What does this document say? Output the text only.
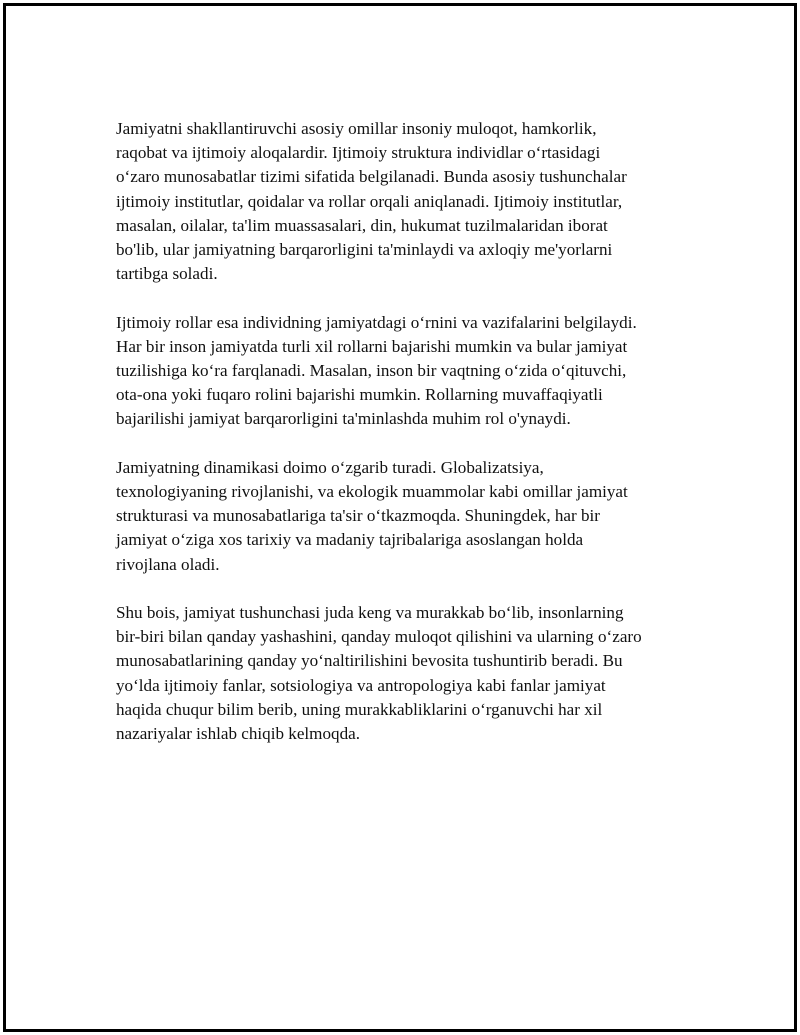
Jamiyatni shakllantiruvchi asosiy omillar insoniy muloqot, hamkorlik,
raqobat va ijtimoiy aloqalardir. Ijtimoiy struktura individlar oʻrtasidagi
oʻzaro munosabatlar tizimi sifatida belgilanadi. Bunda asosiy tushunchalar
ijtimoiy institutlar, qoidalar va rollar orqali aniqlanadi. Ijtimoiy institutlar,
masalan, oilalar, ta'lim muassasalari, din, hukumat tuzilmalaridan iborat
bo'lib, ular jamiyatning barqarorligini ta'minlaydi va axloqiy me'yorlarni
tartibga soladi.

Ijtimoiy rollar esa individning jamiyatdagi oʻrnini va vazifalarini belgilaydi.
Har bir inson jamiyatda turli xil rollarni bajarishi mumkin va bular jamiyat
tuzilishiga koʻra farqlanadi. Masalan, inson bir vaqtning oʻzida oʻqituvchi,
ota-ona yoki fuqaro rolini bajarishi mumkin. Rollarning muvaffaqiyatli
bajarilishi jamiyat barqarorligini ta'minlashda muhim rol o'ynaydi.

Jamiyatning dinamikasi doimo oʻzgarib turadi. Globalizatsiya,
texnologiyaning rivojlanishi, va ekologik muammolar kabi omillar jamiyat
strukturasi va munosabatlariga ta'sir oʻtkazmoqda. Shuningdek, har bir
jamiyat oʻziga xos tarixiy va madaniy tajribalariga asoslangan holda
rivojlana oladi.

Shu bois, jamiyat tushunchasi juda keng va murakkab boʻlib, insonlarning
bir-biri bilan qanday yashashini, qanday muloqot qilishini va ularning oʻzaro
munosabatlarining qanday yoʻnaltirilishini bevosita tushuntirib beradi. Bu
yoʻlda ijtimoiy fanlar, sotsiologiya va antropologiya kabi fanlar jamiyat
haqida chuqur bilim berib, uning murakkabliklarini oʻrganuvchi har xil
nazariyalar ishlab chiqib kelmoqda.
